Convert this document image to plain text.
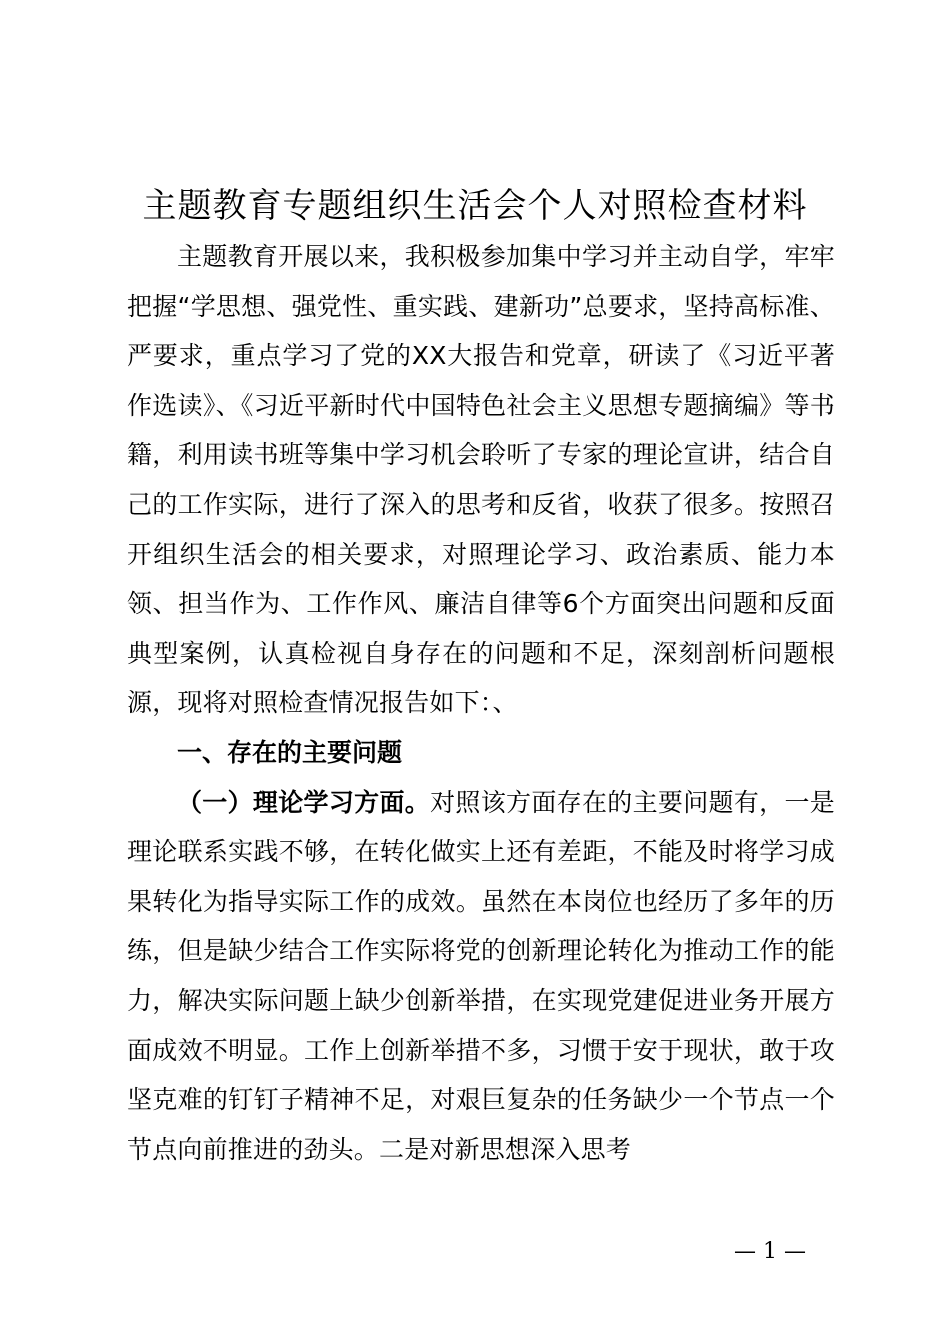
主题教育专题组织生活会个人对照检查材料

主题教育开展以来，我积极参加集中学习并主动自学，牢牢把握“学思想、强党性、重实践、建新功”总要求，坚持高标准、严要求，重点学习了党的XX大报告和党章，研读了《习近平著作选读》、《习近平新时代中国特色社会主义思想专题摘编》等书籍，利用读书班等集中学习机会聆听了专家的理论宣讲，结合自己的工作实际，进行了深入的思考和反省，收获了很多。按照召开组织生活会的相关要求，对照理论学习、政治素质、能力本领、担当作为、工作作风、廉洁自律等6个方面突出问题和反面典型案例，认真检视自身存在的问题和不足，深刻剖析问题根源，现将对照检查情况报告如下：、

一、存在的主要问题

（一）理论学习方面。对照该方面存在的主要问题有，一是理论联系实践不够，在转化做实上还有差距，不能及时将学习成果转化为指导实际工作的成效。虽然在本岗位也经历了多年的历练，但是缺少结合工作实际将党的创新理论转化为推动工作的能力，解决实际问题上缺少创新举措，在实现党建促进业务开展方面成效不明显。工作上创新举措不多，习惯于安于现状，敢于攻坚克难的钉钉子精神不足，对艰巨复杂的任务缺少一个节点一个节点向前推进的劲头。二是对新思想深入思考

— 1 —
